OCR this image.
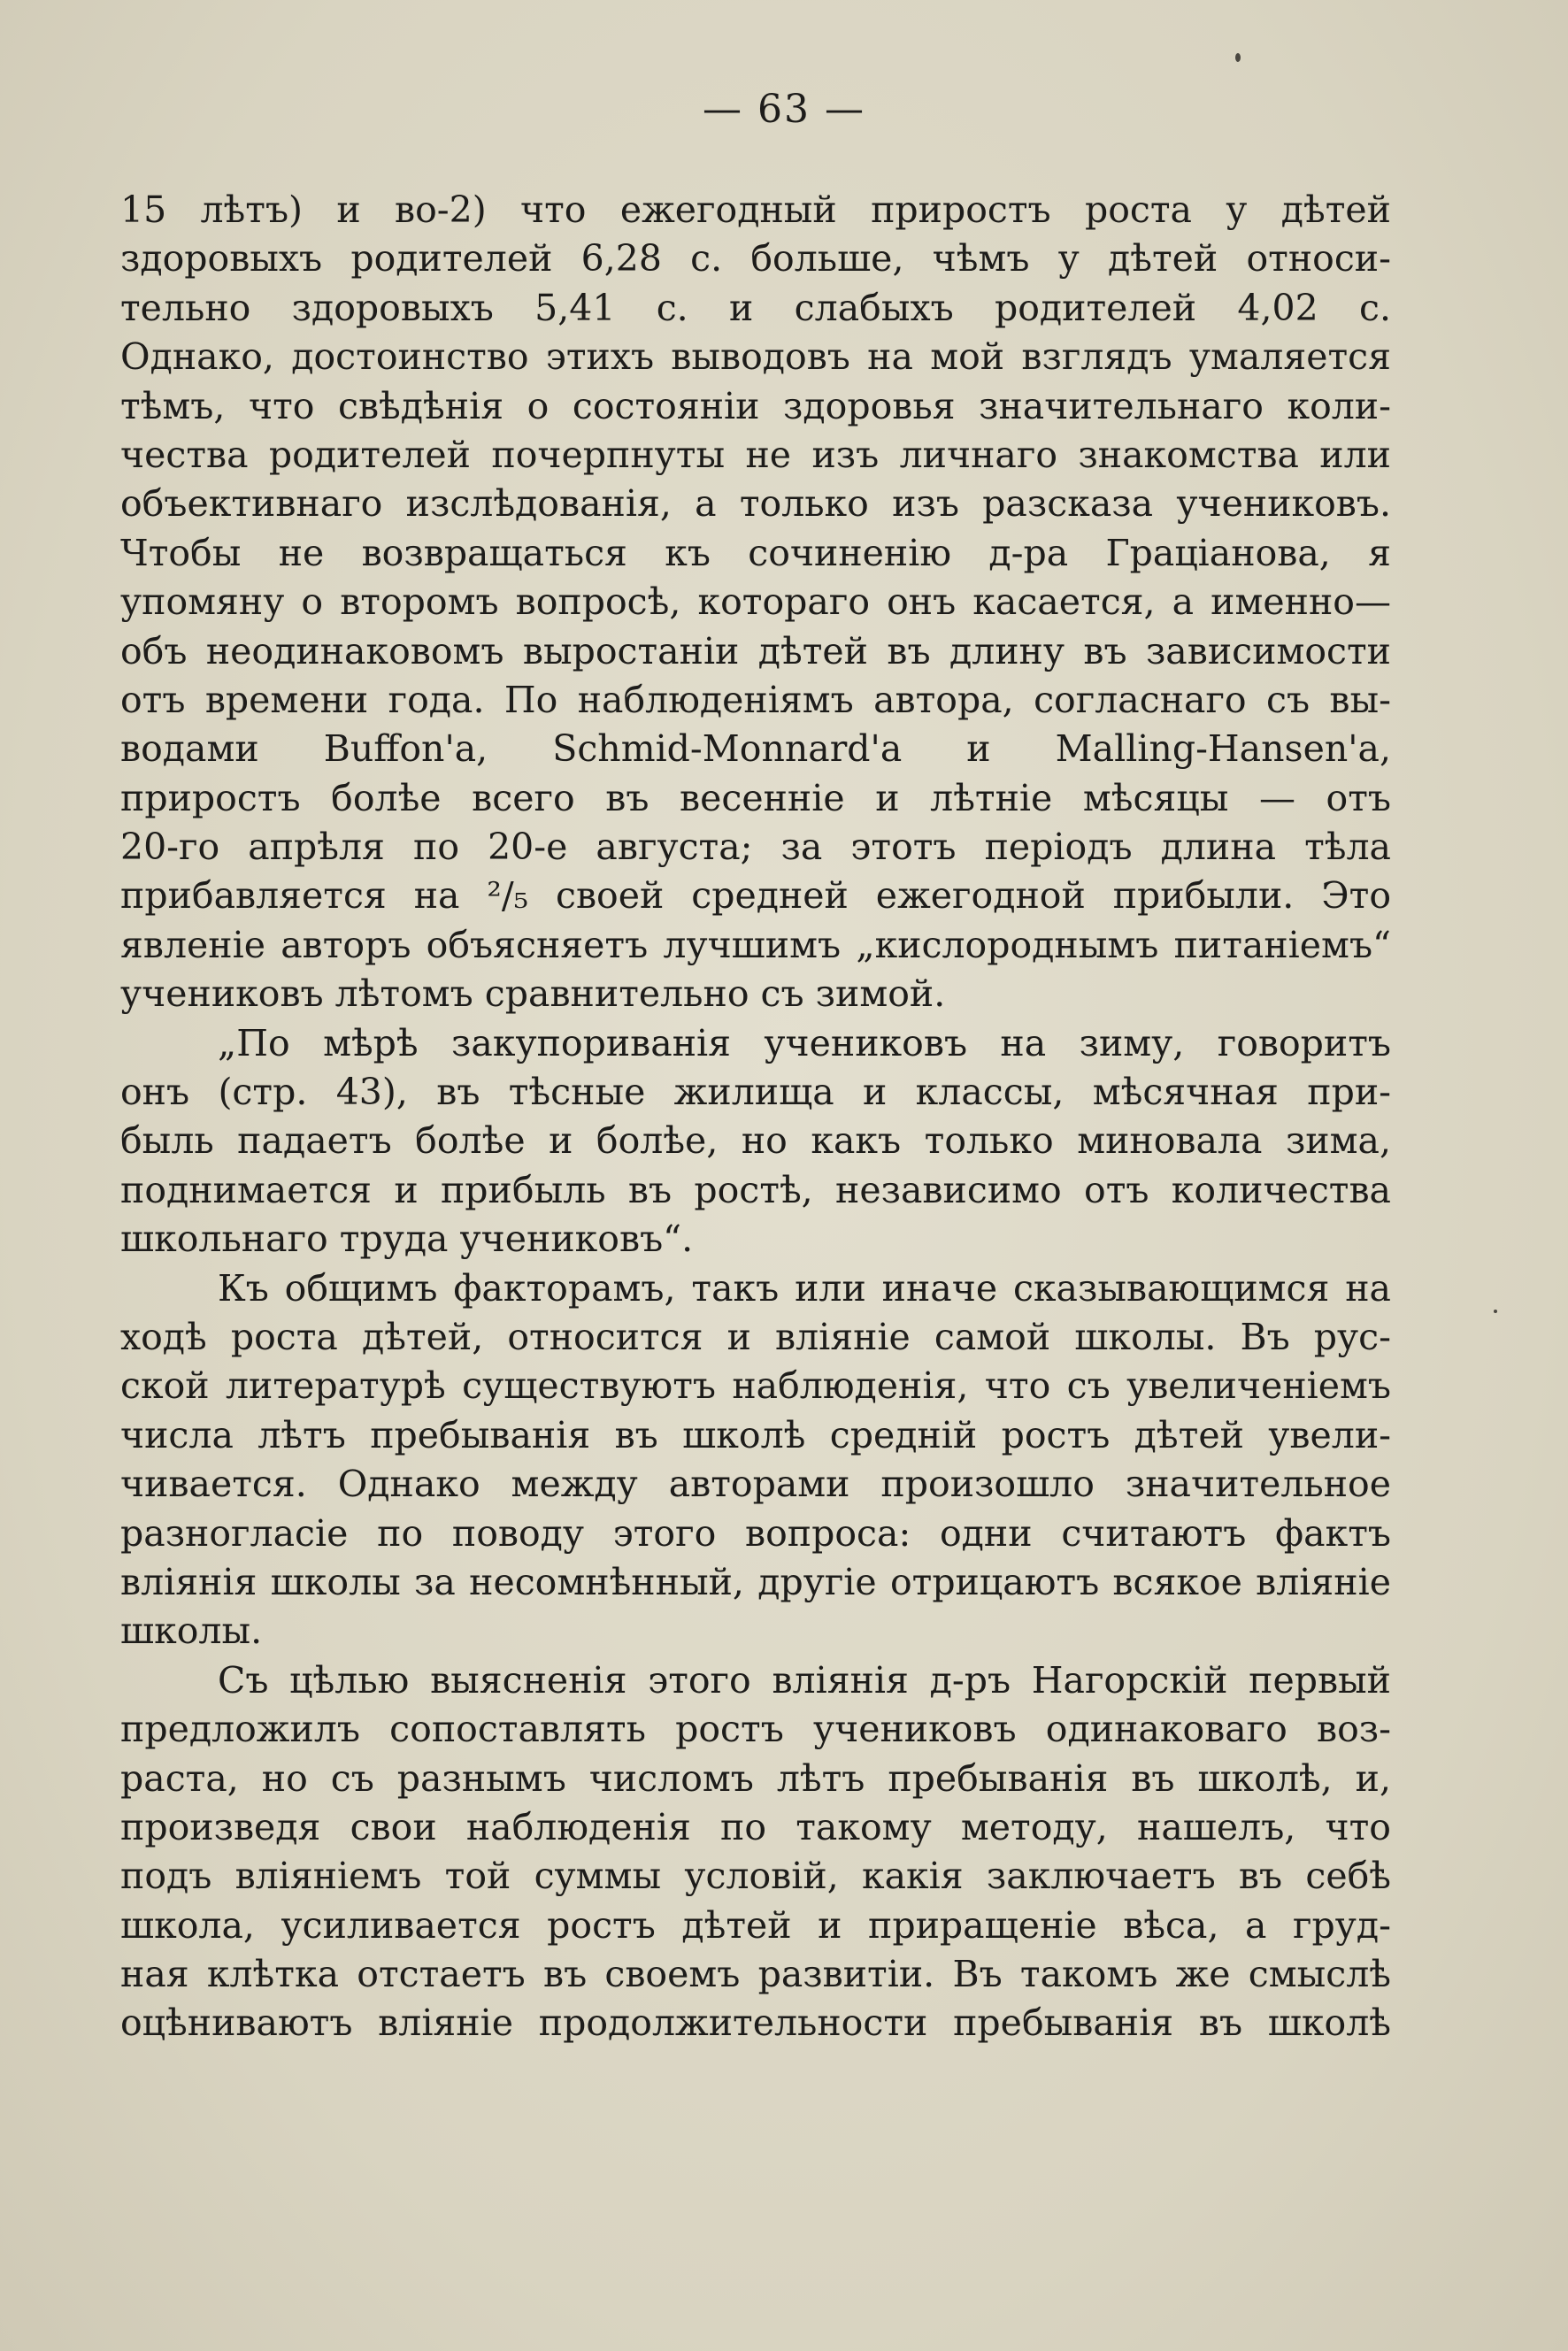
— 63 —
15 лѣтъ) и во-2) что ежегодный приростъ роста у дѣтей
здоровыхъ родителей 6,28 с. больше, чѣмъ у дѣтей относи-
тельно здоровыхъ 5,41 с. и слабыхъ родителей 4,02 с.
Однако, достоинство этихъ выводовъ на мой взглядъ умаляется
тѣмъ, что свѣдѣнія о состояніи здоровья значительнаго коли-
чества родителей почерпнуты не изъ личнаго знакомства или
объективнаго изслѣдованія, а только изъ разсказа учениковъ.
Чтобы не возвращаться къ сочиненію д-ра Граціанова, я
упомяну о второмъ вопросѣ, котораго онъ касается, а именно—
объ неодинаковомъ выростаніи дѣтей въ длину въ зависимости
отъ времени года. По наблюденіямъ автора, согласнаго съ вы-
водами Buffon'а, Schmid-Monnard'а и Malling-Hansen'а,
приростъ болѣе всего въ весенніе и лѣтніе мѣсяцы — отъ
20-го апрѣля по 20-е августа; за этотъ періодъ длина тѣла
прибавляется на ²/₅ своей средней ежегодной прибыли. Это
явленіе авторъ объясняетъ лучшимъ „кислороднымъ питаніемъ“
учениковъ лѣтомъ сравнительно съ зимой.
„По мѣрѣ закупориванія учениковъ на зиму, говоритъ
онъ (стр. 43), въ тѣсные жилища и классы, мѣсячная при-
быль падаетъ болѣе и болѣе, но какъ только миновала зима,
поднимается и прибыль въ ростѣ, независимо отъ количества
школьнаго труда учениковъ“.
Къ общимъ факторамъ, такъ или иначе сказывающимся на
ходѣ роста дѣтей, относится и вліяніе самой школы. Въ рус-
ской литературѣ существуютъ наблюденія, что съ увеличеніемъ
числа лѣтъ пребыванія въ школѣ средній ростъ дѣтей увели-
чивается. Однако между авторами произошло значительное
разногласіе по поводу этого вопроса: одни считаютъ фактъ
вліянія школы за несомнѣнный, другіе отрицаютъ всякое вліяніе
школы.
Съ цѣлью выясненія этого вліянія д-ръ Нагорскій первый
предложилъ сопоставлять ростъ учениковъ одинаковаго воз-
раста, но съ разнымъ числомъ лѣтъ пребыванія въ школѣ, и,
произведя свои наблюденія по такому методу, нашелъ, что
подъ вліяніемъ той суммы условій, какія заключаетъ въ себѣ
школа, усиливается ростъ дѣтей и приращеніе вѣса, а груд-
ная клѣтка отстаетъ въ своемъ развитіи. Въ такомъ же смыслѣ
оцѣниваютъ вліяніе продолжительности пребыванія въ школѣ
